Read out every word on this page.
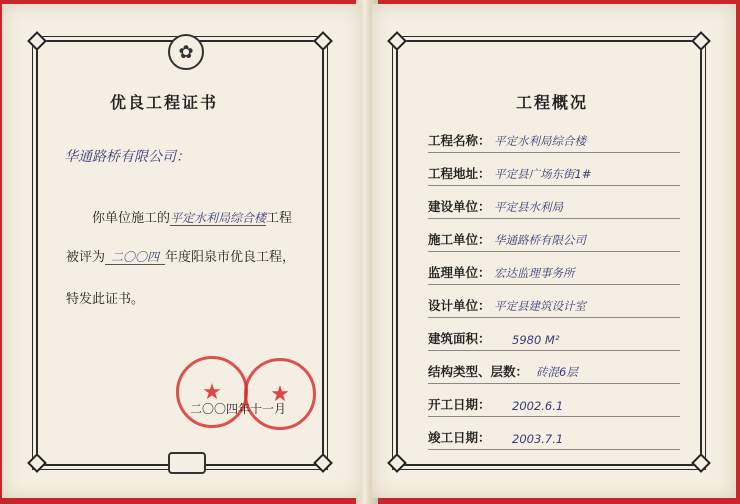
✿
优良工程证书
华通路桥有限公司：
你单位施工的平定水利局综合楼工程
被评为 二〇〇四 年度阳泉市优良工程，
特发此证书。
★	★
二〇〇四年十一月
工程概况
工程名称： 平定水利局综合楼
工程地址： 平定县广场东街1#
建设单位： 平定县水利局
施工单位： 华通路桥有限公司
监理单位： 宏达监理事务所
设计单位： 平定县建筑设计室
建筑面积： 5980 M²
结构类型、层数： 砖混6层
开工日期： 2002.6.1
竣工日期： 2003.7.1
